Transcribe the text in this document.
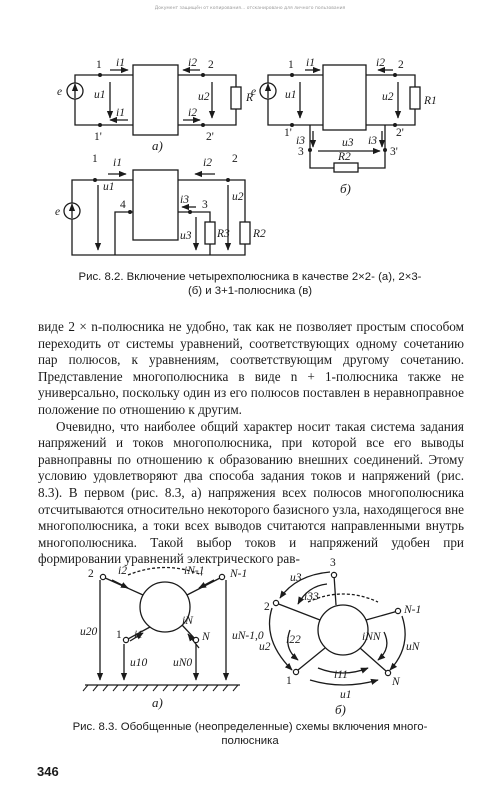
Документ защищён от копирования... отсканировано для личного пользования
1 i1	2
i2
e	u1	u2	R
i1	i2
1'	2'
а)
1 i1	2
i2
e	u1	u2	R1
1'	2'
i3	i3
u3
3	3'
R2
б)
1 i1	2
i2
e
u1
4	i3 3
u3 R3
u2
R2
Рис. 8.2. Включение четырехполюсника в качестве 2×2- (а), 2×3-
(б) и 3+1-полюсника (в)

виде 2 × n-полюсника не удобно, так как не позволяет простым способом переходить от системы уравнений, соответствующих одному сочетанию пар полюсов, к уравнениям, соответствующим другому сочетанию. Представление многополюсника в виде n + 1-полюсника также не универсально, поскольку один из его полюсов поставлен в неравноправное положение по отношению к другим.

Очевидно, что наиболее общий характер носит такая система задания напряжений и токов многополюсника, при которой все его выводы равноправны по отношению к образованию внешних соединений. Этому условию удовлетворяют два способа задания токов и напряжений (рис. 8.3). В первом (рис. 8.3, а) напряжения всех полюсов многополюсника отсчитываются относительно некоторого базисного узла, находящегося вне многополюсника, а токи всех выводов считаются направленными внутрь многополюсника. Такой выбор токов и напряжений удобен при формировании уравнений электрического рав-

2 i2	iN-1 N-1
u20 1 i1
iN
N uN-1,0
u10 uN0
а)
3
u3
i33
2	N-1
i22	iNN
u2	uN
1	i11
N
u1
б)
Рис. 8.3. Обобщенные (неопределенные) схемы включения много-
полюсника
346
